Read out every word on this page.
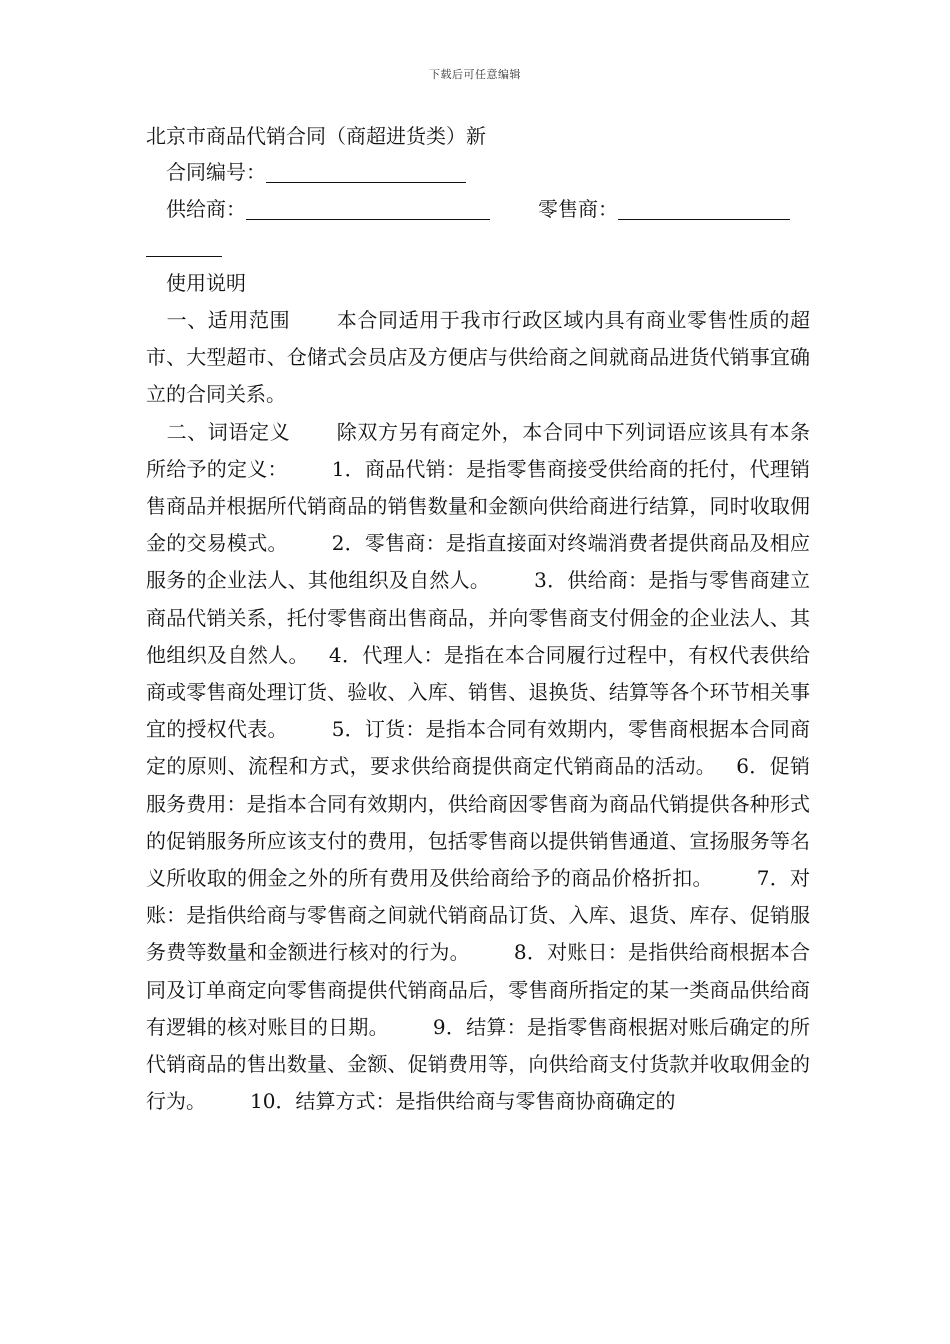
下载后可任意编辑
北京市商品代销合同（商超进货类）新
合同编号：
供给商：	零售商：
使用说明
一、适用范围 本合同适用于我市行政区域内具有商业零售性质的超市、大型超市、仓储式会员店及方便店与供给商之间就商品进货代销事宜确立的合同关系。
二、词语定义 除双方另有商定外，本合同中下列词语应该具有本条所给予的定义： 1．商品代销：是指零售商接受供给商的托付，代理销售商品并根据所代销商品的销售数量和金额向供给商进行结算，同时收取佣金的交易模式。 2．零售商：是指直接面对终端消费者提供商品及相应服务的企业法人、其他组织及自然人。 3．供给商：是指与零售商建立商品代销关系，托付零售商出售商品，并向零售商支付佣金的企业法人、其他组织及自然人。 4．代理人：是指在本合同履行过程中，有权代表供给商或零售商处理订货、验收、入库、销售、退换货、结算等各个环节相关事宜的授权代表。 5．订货：是指本合同有效期内，零售商根据本合同商定的原则、流程和方式，要求供给商提供商定代销商品的活动。 6．促销服务费用：是指本合同有效期内，供给商因零售商为商品代销提供各种形式的促销服务所应该支付的费用，包括零售商以提供销售通道、宣扬服务等名义所收取的佣金之外的所有费用及供给商给予的商品价格折扣。 7．对账：是指供给商与零售商之间就代销商品订货、入库、退货、库存、促销服务费等数量和金额进行核对的行为。 8．对账日：是指供给商根据本合同及订单商定向零售商提供代销商品后，零售商所指定的某一类商品供给商有逻辑的核对账目的日期。 9．结算：是指零售商根据对账后确定的所代销商品的售出数量、金额、促销费用等，向供给商支付货款并收取佣金的行为。 10．结算方式：是指供给商与零售商协商确定的
